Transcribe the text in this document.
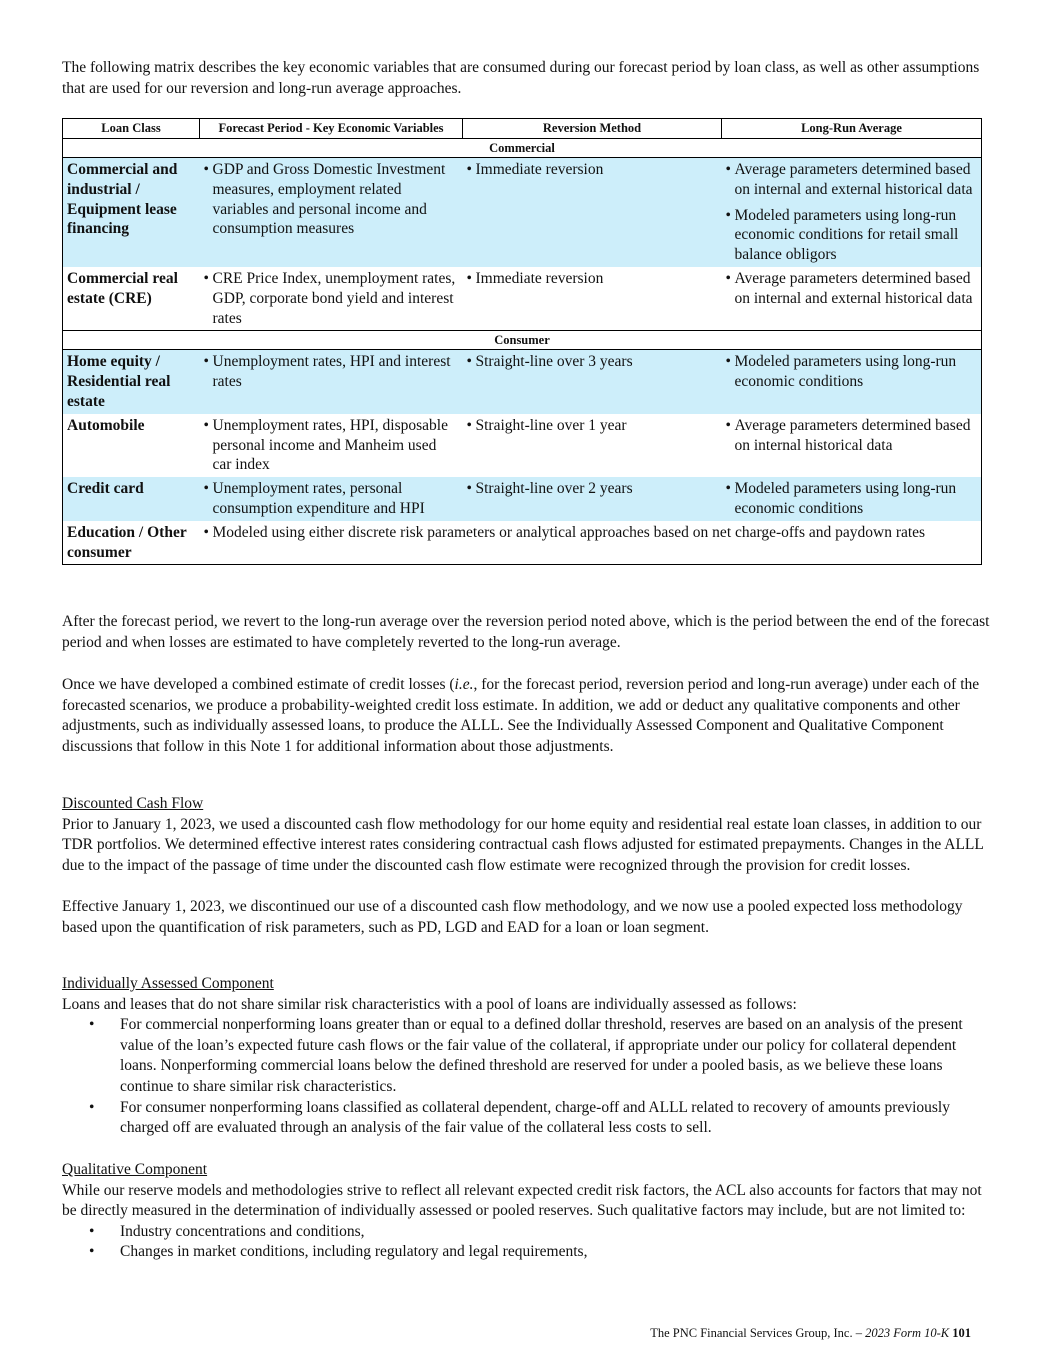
The following matrix describes the key economic variables that are consumed during our forecast period by loan class, as well as other assumptions that are used for our reversion and long-run average approaches.

Loan Class	Forecast Period - Key Economic Variables	Reversion Method	Long-Run Average
Commercial			
Commercial and industrial / Equipment lease financing	• GDP and Gross Domestic Investment measures, employment related variables and personal income and consumption measures	• Immediate reversion	• Average parameters determined based on internal and external historical data
• Modeled parameters using long-run economic conditions for retail small balance obligors

Commercial real estate (CRE)	• CRE Price Index, unemployment rates, GDP, corporate bond yield and interest rates	• Immediate reversion	• Average parameters determined based on internal and external historical data

Consumer			
Home equity / Residential real estate	• Unemployment rates, HPI and interest rates	• Straight-line over 3 years	• Modeled parameters using long-run economic conditions

Automobile	• Unemployment rates, HPI, disposable personal income and Manheim used car index	• Straight-line over 1 year	• Average parameters determined based on internal historical data

Credit card	• Unemployment rates, personal consumption expenditure and HPI	• Straight-line over 2 years	• Modeled parameters using long-run economic conditions

Education / Other consumer	• Modeled using either discrete risk parameters or analytical approaches based on net charge-offs and paydown rates

After the forecast period, we revert to the long-run average over the reversion period noted above, which is the period between the end of the forecast period and when losses are estimated to have completely reverted to the long-run average.

Once we have developed a combined estimate of credit losses (i.e., for the forecast period, reversion period and long-run average) under each of the forecasted scenarios, we produce a probability-weighted credit loss estimate. In addition, we add or deduct any qualitative components and other adjustments, such as individually assessed loans, to produce the ALLL. See the Individually Assessed Component and Qualitative Component discussions that follow in this Note 1 for additional information about those adjustments.

Discounted Cash Flow

Prior to January 1, 2023, we used a discounted cash flow methodology for our home equity and residential real estate loan classes, in addition to our TDR portfolios. We determined effective interest rates considering contractual cash flows adjusted for estimated prepayments. Changes in the ALLL due to the impact of the passage of time under the discounted cash flow estimate were recognized through the provision for credit losses.

Effective January 1, 2023, we discontinued our use of a discounted cash flow methodology, and we now use a pooled expected loss methodology based upon the quantification of risk parameters, such as PD, LGD and EAD for a loan or loan segment.

Individually Assessed Component

Loans and leases that do not share similar risk characteristics with a pool of loans are individually assessed as follows:

• For commercial nonperforming loans greater than or equal to a defined dollar threshold, reserves are based on an analysis of the present value of the loan’s expected future cash flows or the fair value of the collateral, if appropriate under our policy for collateral dependent loans. Nonperforming commercial loans below the defined threshold are reserved for under a pooled basis, as we believe these loans continue to share similar risk characteristics.
• For consumer nonperforming loans classified as collateral dependent, charge-off and ALLL related to recovery of amounts previously charged off are evaluated through an analysis of the fair value of the collateral less costs to sell.

Qualitative Component

While our reserve models and methodologies strive to reflect all relevant expected credit risk factors, the ACL also accounts for factors that may not be directly measured in the determination of individually assessed or pooled reserves. Such qualitative factors may include, but are not limited to:

• Industry concentrations and conditions,
• Changes in market conditions, including regulatory and legal requirements,
The PNC Financial Services Group, Inc. – 2023 Form 10-K 101
